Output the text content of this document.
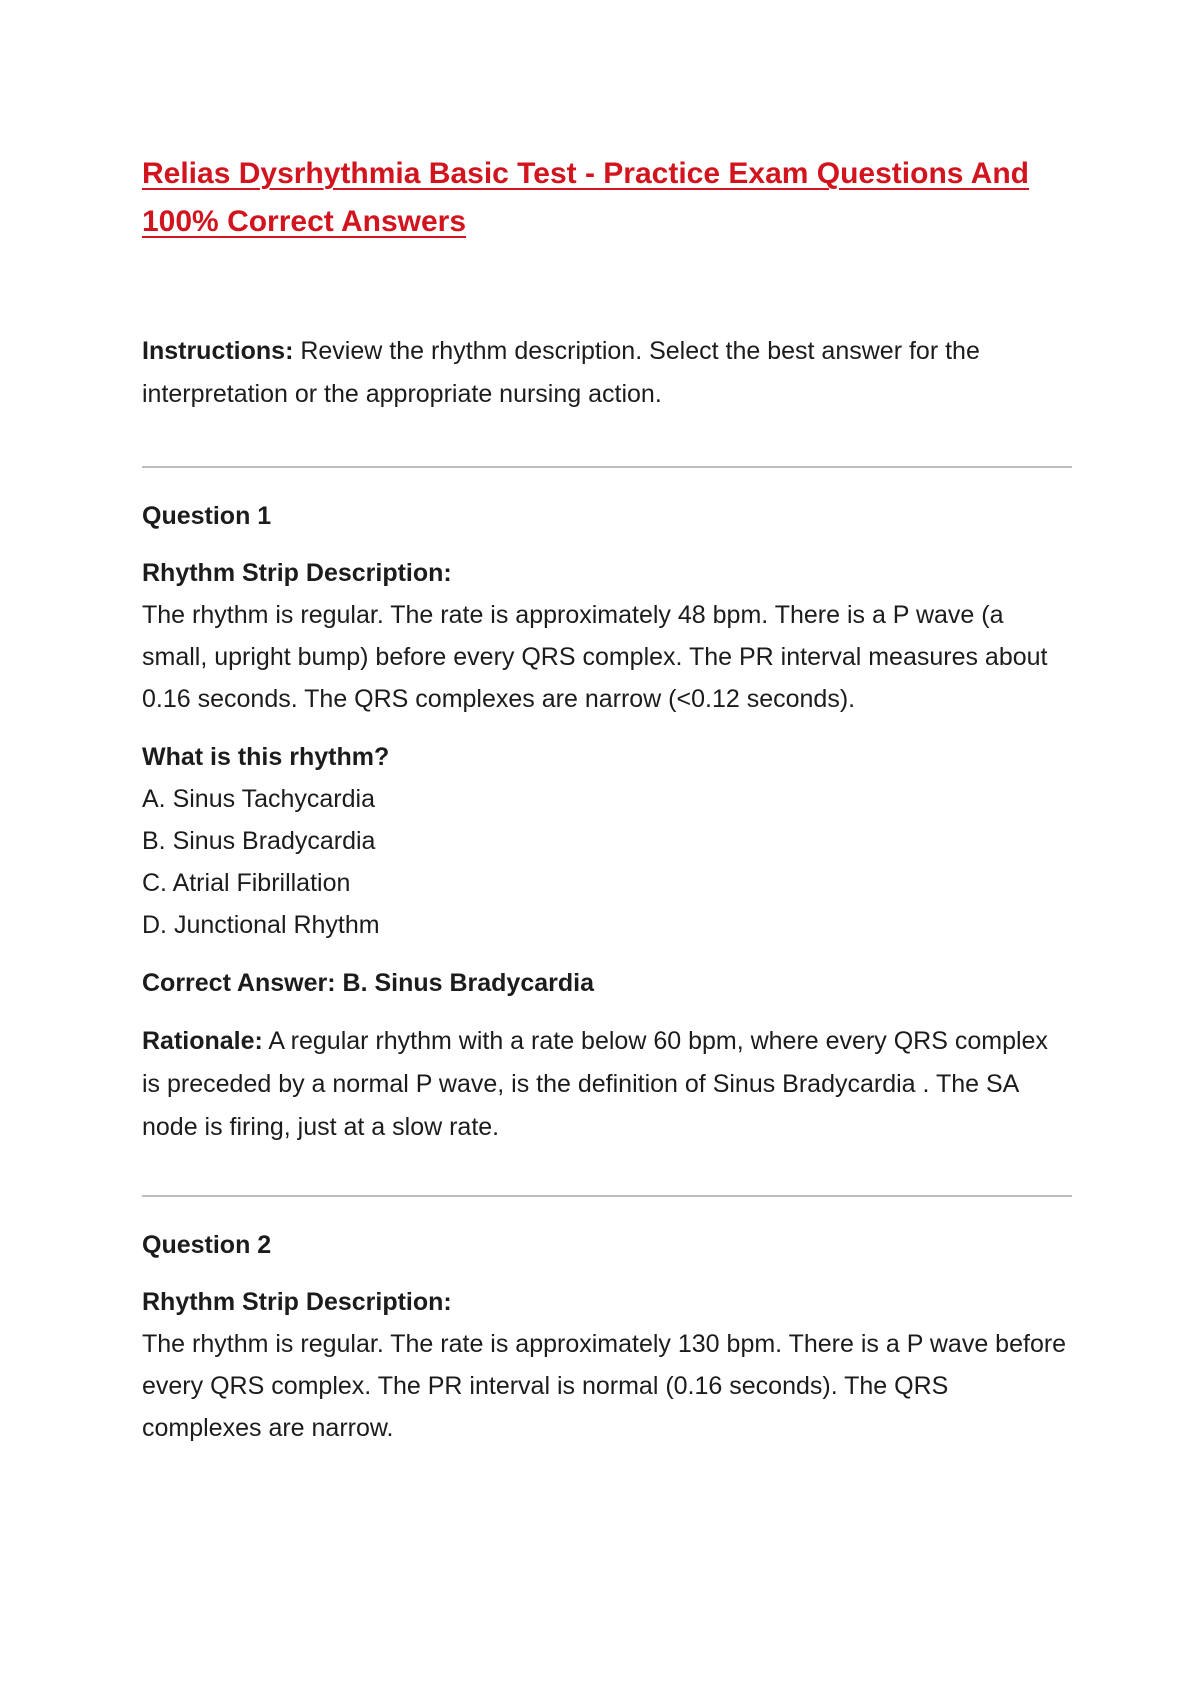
Relias Dysrhythmia Basic Test - Practice Exam Questions And 100% Correct Answers
Instructions: Review the rhythm description. Select the best answer for the interpretation or the appropriate nursing action.
Question 1
Rhythm Strip Description:
The rhythm is regular. The rate is approximately 48 bpm. There is a P wave (a small, upright bump) before every QRS complex. The PR interval measures about 0.16 seconds. The QRS complexes are narrow (<0.12 seconds).
What is this rhythm?
A. Sinus Tachycardia
B. Sinus Bradycardia
C. Atrial Fibrillation
D. Junctional Rhythm
Correct Answer: B. Sinus Bradycardia
Rationale: A regular rhythm with a rate below 60 bpm, where every QRS complex is preceded by a normal P wave, is the definition of Sinus Bradycardia . The SA node is firing, just at a slow rate.
Question 2
Rhythm Strip Description:
The rhythm is regular. The rate is approximately 130 bpm. There is a P wave before every QRS complex. The PR interval is normal (0.16 seconds). The QRS complexes are narrow.
